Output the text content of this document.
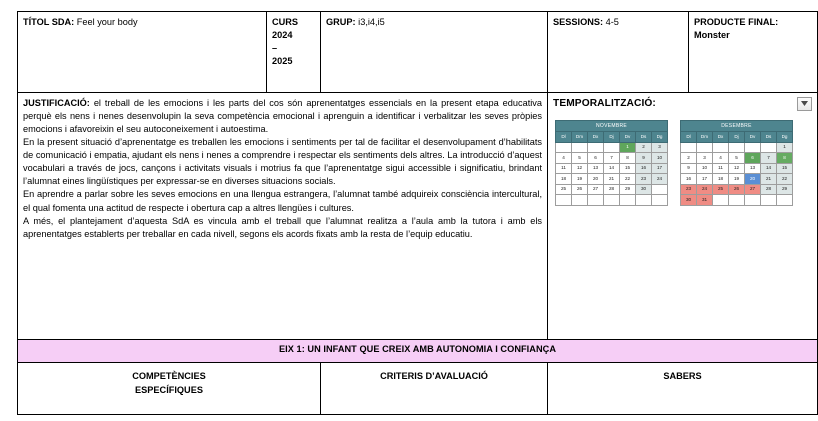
TÍTOL SDA: Feel your body	CURS
2024
–
2025
	GRUP: i3,i4,i5	SESSIONS: 4-5	PRODUCTE FINAL:
Monster

JUSTIFICACIÓ: el treball de les emocions i les parts del cos són aprenentatges essencials en la present etapa educativa perquè els nens i nenes desenvolupin la seva competència emocional i aprenguin a identificar i verbalitzar les seves pròpies emocions i afavoreixin el seu autoconeixement i autoestima.

En la present situació d’aprenentatge es treballen les emocions i sentiments per tal de facilitar el desenvolupament d’habilitats de comunicació i empatia, ajudant els nens i nenes a comprendre i respectar els sentiments dels altres. La introducció d’aquest vocabulari a través de jocs, cançons i activitats visuals i motrius fa que l’aprenentatge sigui accessible i significatiu, brindant l’alumnat eines lingüístiques per expressar-se en diverses situacions socials.

En aprendre a parlar sobre les seves emocions en una llengua estrangera, l’alumnat també adquireix consciència intercultural, el qual fomenta una actitud de respecte i obertura cap a altres llengües i cultures.

A més, el plantejament d’aquesta SdA es vincula amb el treball que l’alumnat realitza a l’aula amb la tutora i amb els aprenentatges establerts per treballar en cada nivell, segons els acords fixats amb la resta de l’equip educatiu.

TEMPORALITZACIÓ:
NOVEMBRE
Dl	Dm	Dx	Dj	Dv	Ds	Dg
				1	2	3
4	5	6	7	8	9	10
11	12	13	14	15	16	17
18	19	20	21	22	23	24
25	26	27	28	29	30	

DESEMBRE
Dl	Dm	Dx	Dj	Dv	Ds	Dg
						1
2	3	4	5	6	7	8
9	10	11	12	13	14	15
16	17	18	19	20	21	22
23	24	25	26	27	28	29
30	31					

EIX 1: UN INFANT QUE CREIX AMB AUTONOMIA I CONFIANÇA

COMPETÈNCIES
ESPECÍFIQUES
	CRITERIS D’AVALUACIÓ	SABERS
